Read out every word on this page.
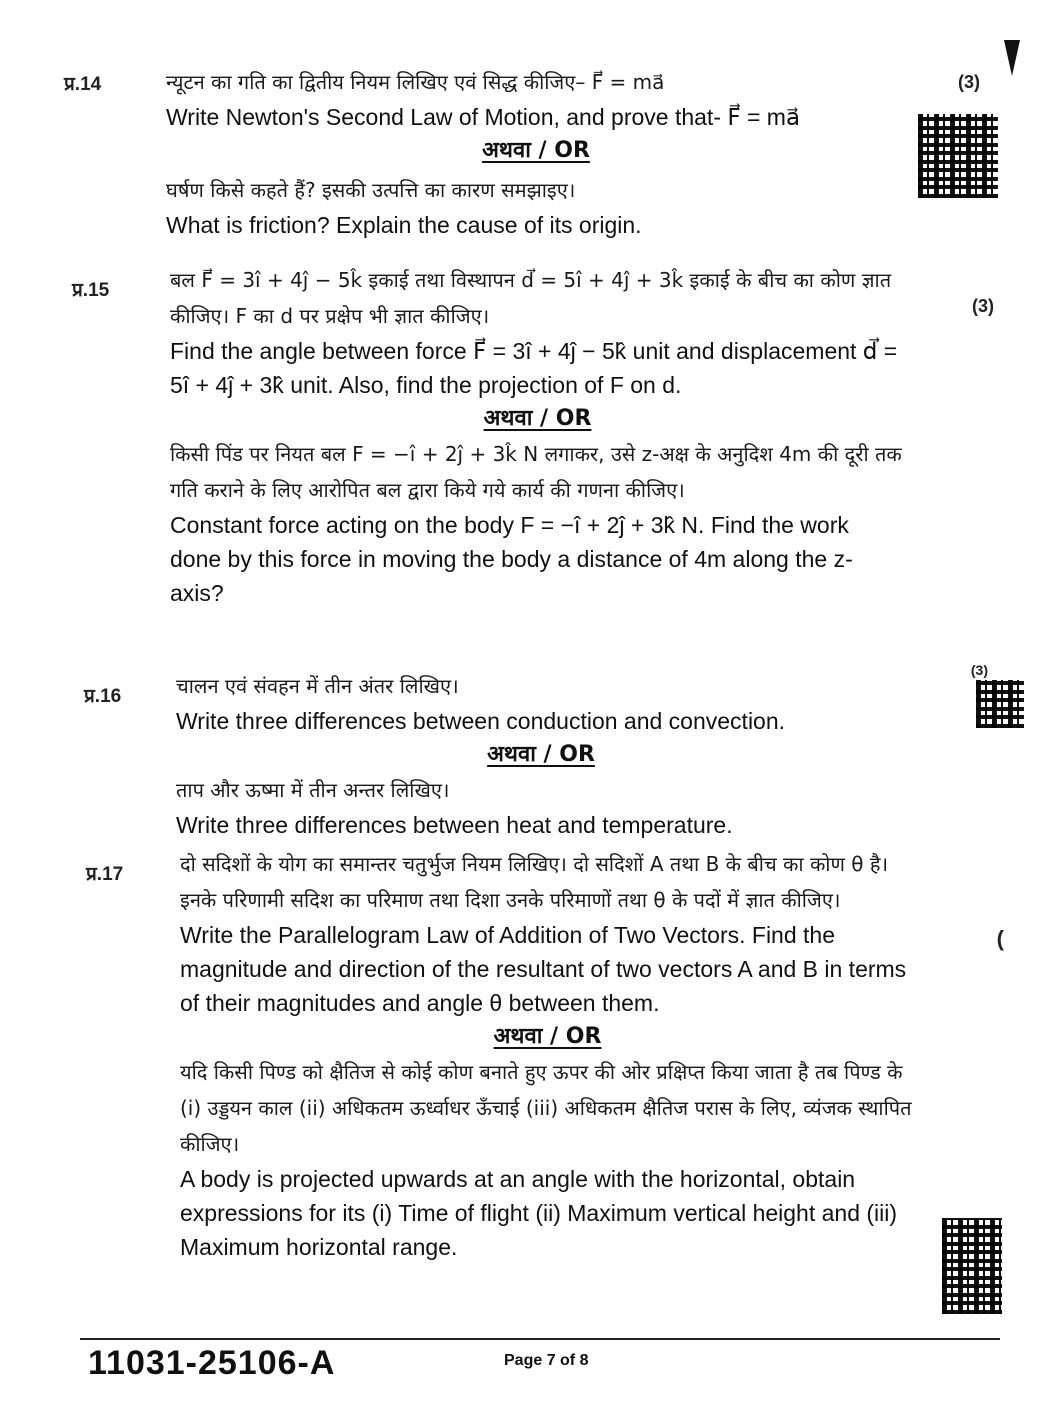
प्र.14	(3)
न्यूटन का गति का द्वितीय नियम लिखिए एवं सिद्ध कीजिए– F⃗ = ma⃗
Write Newton's Second Law of Motion, and prove that- F⃗ = ma⃗
अथवा / OR
घर्षण किसे कहते हैं? इसकी उत्पत्ति का कारण समझाइए।
What is friction? Explain the cause of its origin.
प्र.15
(3)
बल F⃗ = 3î + 4ĵ − 5k̂ इकाई तथा विस्थापन d⃗ = 5î + 4ĵ + 3k̂ इकाई के बीच का कोण ज्ञात कीजिए। F का d पर प्रक्षेप भी ज्ञात कीजिए।
Find the angle between force F⃗ = 3î + 4ĵ − 5k̂ unit and displacement d⃗ = 5î + 4ĵ + 3k̂ unit. Also, find the projection of F on d.
अथवा / OR
किसी पिंड पर नियत बल F = −î + 2ĵ + 3k̂ N लगाकर, उसे z-अक्ष के अनुदिश 4m की दूरी तक गति कराने के लिए आरोपित बल द्वारा किये गये कार्य की गणना कीजिए।
Constant force acting on the body F = −î + 2ĵ + 3k̂ N. Find the work done by this force in moving the body a distance of 4m along the z-axis?
प्र.16
(3)
चालन एवं संवहन में तीन अंतर लिखिए।
Write three differences between conduction and convection.
अथवा / OR
ताप और ऊष्मा में तीन अन्तर लिखिए।
Write three differences between heat and temperature.
प्र.17
(
दो सदिशों के योग का समान्तर चतुर्भुज नियम लिखिए। दो सदिशों A तथा B के बीच का कोण θ है। इनके परिणामी सदिश का परिमाण तथा दिशा उनके परिमाणों तथा θ के पदों में ज्ञात कीजिए।
Write the Parallelogram Law of Addition of Two Vectors. Find the magnitude and direction of the resultant of two vectors A and B in terms of their magnitudes and angle θ between them.
अथवा / OR
यदि किसी पिण्ड को क्षैतिज से कोई कोण बनाते हुए ऊपर की ओर प्रक्षिप्त किया जाता है तब पिण्ड के (i) उड्डयन काल (ii) अधिकतम ऊर्ध्वाधर ऊँचाई (iii) अधिकतम क्षैतिज परास के लिए, व्यंजक स्थापित कीजिए।
A body is projected upwards at an angle with the horizontal, obtain expressions for its (i) Time of flight (ii) Maximum vertical height and (iii) Maximum horizontal range.
11031-25106-A	Page 7 of 8
